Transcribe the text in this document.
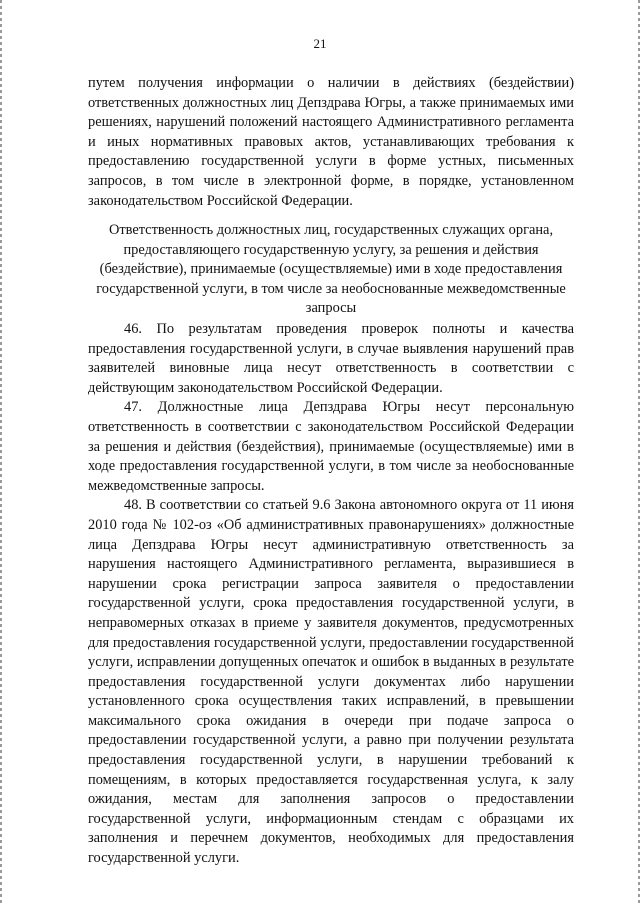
21

путем получения информации о наличии в действиях (бездействии) ответственных должностных лиц Депздрава Югры, а также принимаемых ими решениях, нарушений положений настоящего Административного регламента и иных нормативных правовых актов, устанавливающих требования к предоставлению государственной услуги в форме устных, письменных запросов, в том числе в электронной форме, в порядке, установленном законодательством Российской Федерации.

Ответственность должностных лиц, государственных служащих органа, предоставляющего государственную услугу, за решения и действия (бездействие), принимаемые (осуществляемые) ими в ходе предоставления государственной услуги, в том числе за необоснованные межведомственные запросы

46. По результатам проведения проверок полноты и качества предоставления государственной услуги, в случае выявления нарушений прав заявителей виновные лица несут ответственность в соответствии с действующим законодательством Российской Федерации.

47. Должностные лица Депздрава Югры несут персональную ответственность в соответствии с законодательством Российской Федерации за решения и действия (бездействия), принимаемые (осуществляемые) ими в ходе предоставления государственной услуги, в том числе за необоснованные межведомственные запросы.

48. В соответствии со статьей 9.6 Закона автономного округа от 11 июня 2010 года № 102-оз «Об административных правонарушениях» должностные лица Депздрава Югры несут административную ответственность за нарушения настоящего Административного регламента, выразившиеся в нарушении срока регистрации запроса заявителя о предоставлении государственной услуги, срока предоставления государственной услуги, в неправомерных отказах в приеме у заявителя документов, предусмотренных для предоставления государственной услуги, предоставлении государственной услуги, исправлении допущенных опечаток и ошибок в выданных в результате предоставления государственной услуги документах либо нарушении установленного срока осуществления таких исправлений, в превышении максимального срока ожидания в очереди при подаче запроса о предоставлении государственной услуги, а равно при получении результата предоставления государственной услуги, в нарушении требований к помещениям, в которых предоставляется государственная услуга, к залу ожидания, местам для заполнения запросов о предоставлении государственной услуги, информационным стендам с образцами их заполнения и перечнем документов, необходимых для предоставления государственной услуги.
